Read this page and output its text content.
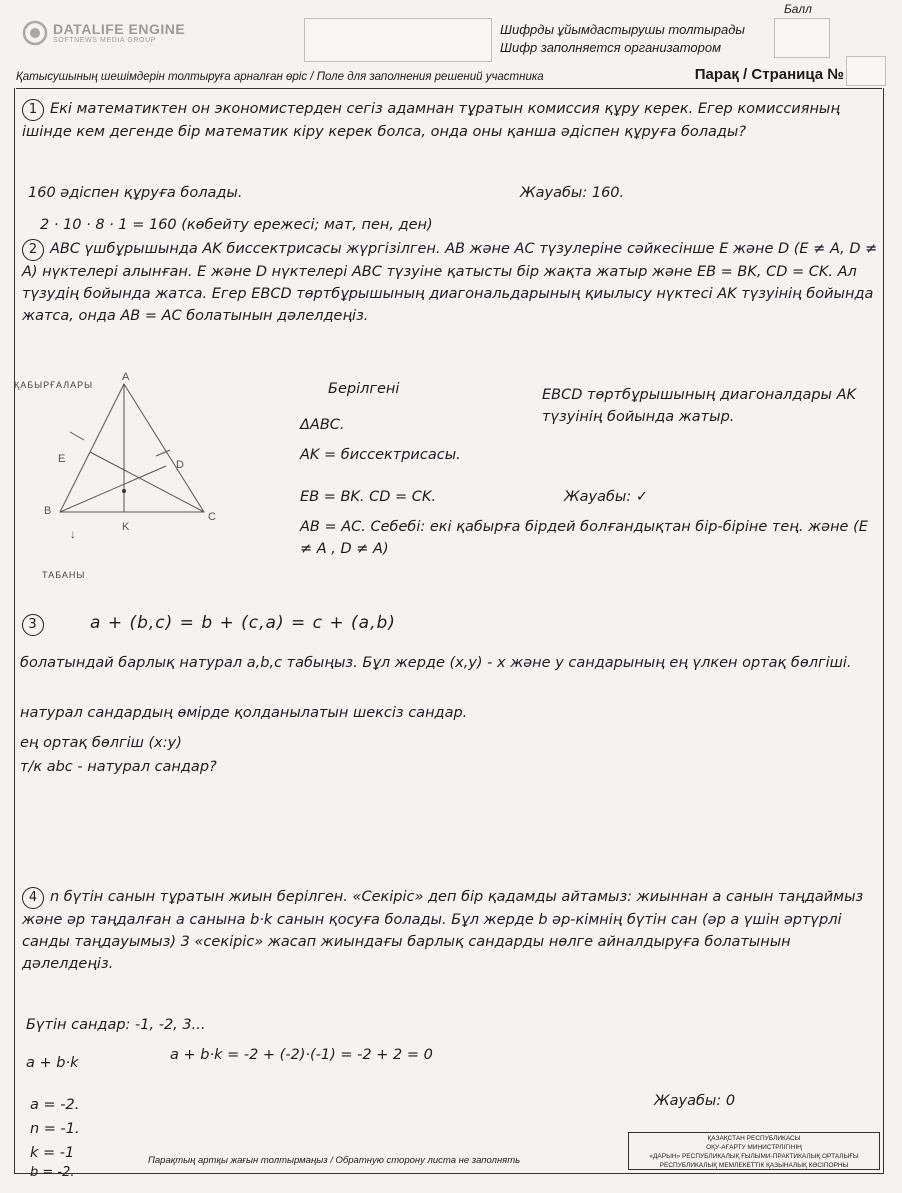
DATALIFE ENGINE
SOFTNEWS MEDIA GROUP
Шифрды ұйымдастырушы толтырады
Шифр заполняется организатором
Балл
Қатысушының шешімдерін толтыруға арналған өріс / Поле для заполнения решений участника	Парақ / Страница №
1 Екі математиктен он экономистерден сегіз адамнан тұратын комиссия құру керек. Егер комиссияның ішінде кем дегенде бір математик кіру керек болса, онда оны қанша әдіспен құруға болады?
160 әдіспен құруға болады.	Жауабы: 160.
2 · 10 · 8 · 1 = 160 (көбейту ережесі; мат, пен, ден)
2 ABC үшбұрышында AK биссектрисасы жүргізілген. AB және AC түзулеріне сәйкесінше E және D (E ≠ A, D ≠ A) нүктелері алынған. E және D нүктелері ABC түзуіне қатысты бір жақта жатыр және EB = BK, CD = CK. Ал түзудің бойында жатса. Егер EBCD төртбұрышының диагональдарының қиылысу нүктесі AK түзуінің бойында жатса, онда AB = AC болатынын дәлелдеңіз.
Берілгені
ΔABC.
AK = биссектрисасы.
EB = BK. CD = CK.
AB = AC. Себебі: екі қабырға бірдей болғандықтан бір-біріне тең. және (E ≠ A , D ≠ A)
EBCD төртбұрышының диагоналдары AK түзуінің бойында жатыр.
Жауабы: ✓
↓
A
E	D
B	C
K
ҚАБЫРҒАЛАРЫ
ТАБАНЫ
3	a + (b,c) = b + (c,a) = c + (a,b)
болатындай барлық натурал a,b,c табыңыз. Бұл жерде (x,y) - x және y сандарының ең үлкен ортақ бөлгіші.
натурал сандардың өмірде қолданылатын шексіз сандар.
ең ортақ бөлгіш (x:y)
т/к abc - натурал сандар?
4 n бүтін санын тұратын жиын берілген. «Секіріс» деп бір қадамды айтамыз: жиыннан a санын таңдаймыз және әр таңдалған a санына b·k санын қосуға болады. Бұл жерде b әр-кімнің бүтін сан (әр a үшін әртүрлі санды таңдауымыз) 3 «секіріс» жасап жиындағы барлық сандарды нөлге айналдыруға болатынын дәлелдеңіз.
Бүтін сандар: -1, -2, 3...
a + b·k	a + b·k = -2 + (-2)·(-1) = -2 + 2 = 0
a = -2.
n = -1.
k = -1
b = -2.
Жауабы: 0
Парақтың артқы жағын толтырмаңыз / Обратную сторону листа не заполнять
ҚАЗАҚСТАН РЕСПУБЛИКАСЫ
ОҚУ-АҒАРТУ МИНИСТРЛІГІНІҢ
«ДАРЫН» РЕСПУБЛИКАЛЫҚ ҒЫЛЫМИ-ПРАКТИКАЛЫҚ ОРТАЛЫҒЫ
РЕСПУБЛИКАЛЫҚ МЕМЛЕКЕТТІК ҚАЗЫНАЛЫҚ КӘСІПОРНЫ
